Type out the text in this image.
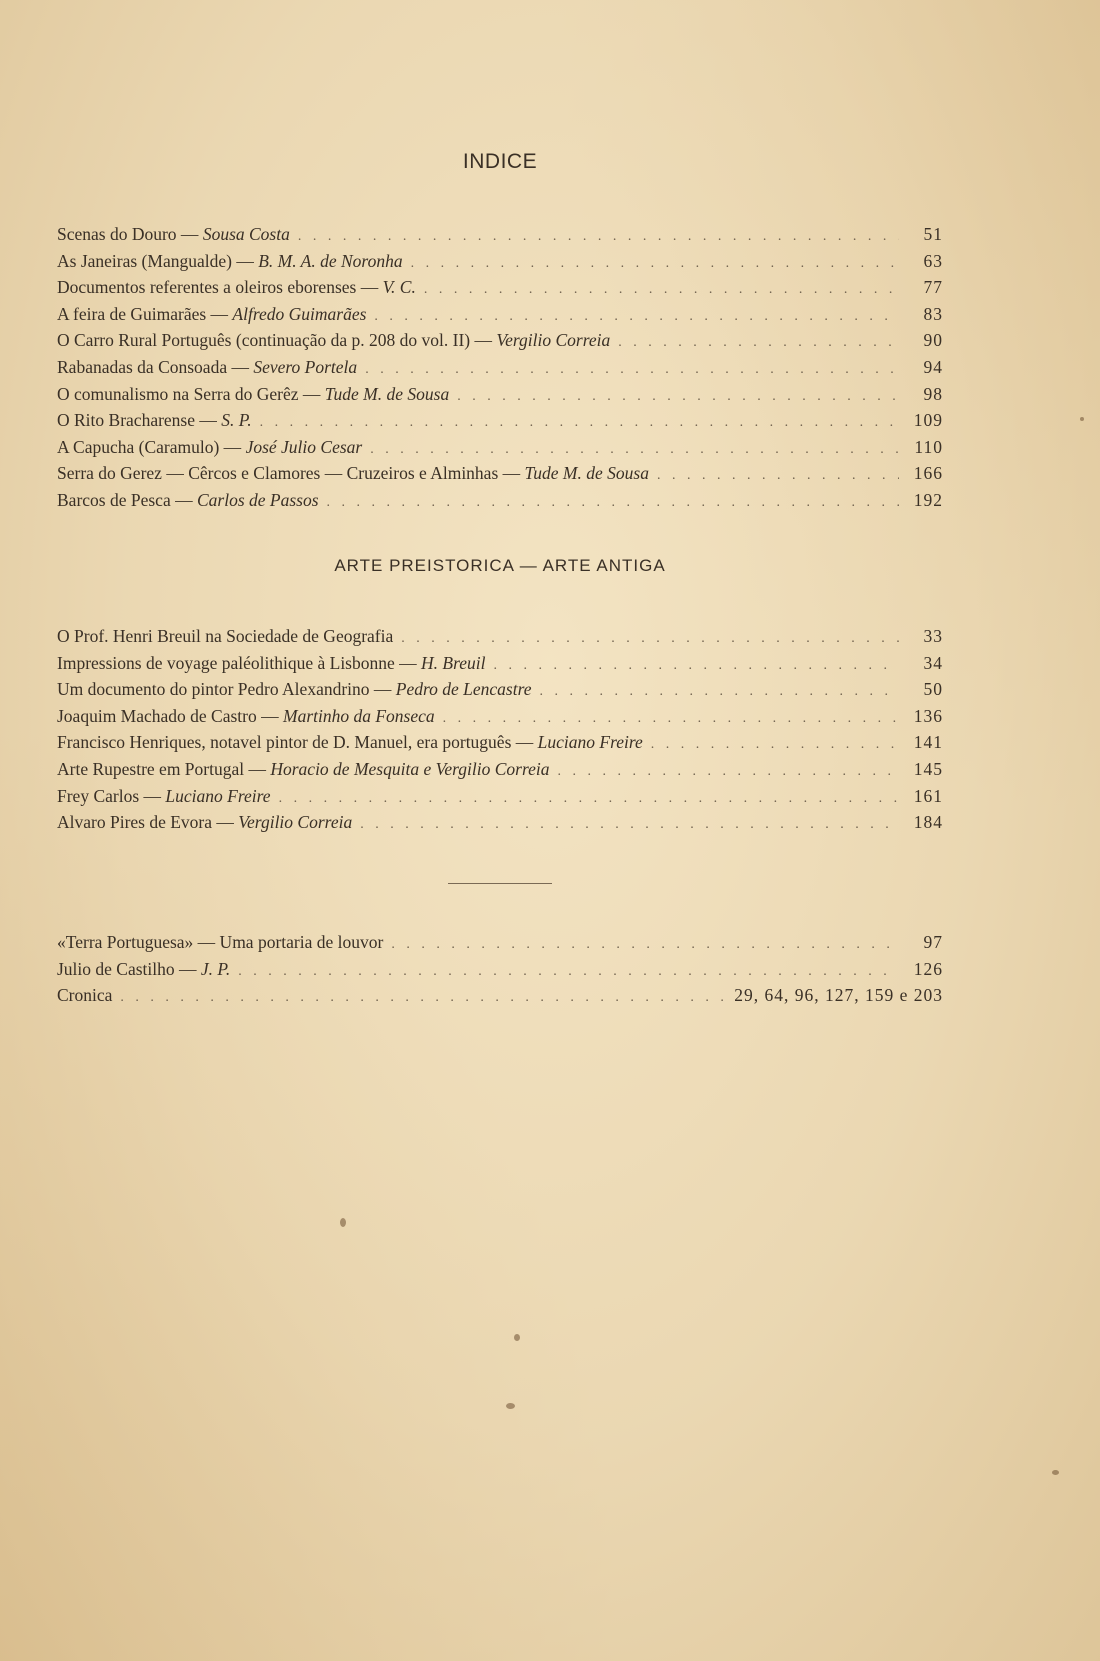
INDICE
Scenas do Douro — Sousa Costa . . .	51
As Janeiras (Mangualde) — B. M. A. de Noronha . . .	63
Documentos referentes a oleiros eborenses — V. C. . . .	77
A feira de Guimarães — Alfredo Guimarães . . .	83
O Carro Rural Português (continuação da p. 208 do vol. II) — Vergilio Correia . . .	90
Rabanadas da Consoada — Severo Portela . . .	94
O comunalismo na Serra do Gerêz — Tude M. de Sousa . . .	98
O Rito Bracharense — S. P. . . .	109
A Capucha (Caramulo) — José Julio Cesar . . .	110
Serra do Gerez — Cêrcos e Clamores — Cruzeiros e Alminhas — Tude M. de Sousa . . .	166
Barcos de Pesca — Carlos de Passos . . .	192
ARTE PREISTORICA — ARTE ANTIGA
O Prof. Henri Breuil na Sociedade de Geografia . . .	33
Impressions de voyage paléolithique à Lisbonne — H. Breuil . . .	34
Um documento do pintor Pedro Alexandrino — Pedro de Lencastre . . .	50
Joaquim Machado de Castro — Martinho da Fonseca . . .	136
Francisco Henriques, notavel pintor de D. Manuel, era português — Luciano Freire . . .	141
Arte Rupestre em Portugal — Horacio de Mesquita e Vergilio Correia . . .	145
Frey Carlos — Luciano Freire . . .	161
Alvaro Pires de Evora — Vergilio Correia . . .	184
«Terra Portuguesa» — Uma portaria de louvor . . .	97
Julio de Castilho — J. P. . . .	126
Cronica . . .	29, 64, 96, 127, 159 e 203
